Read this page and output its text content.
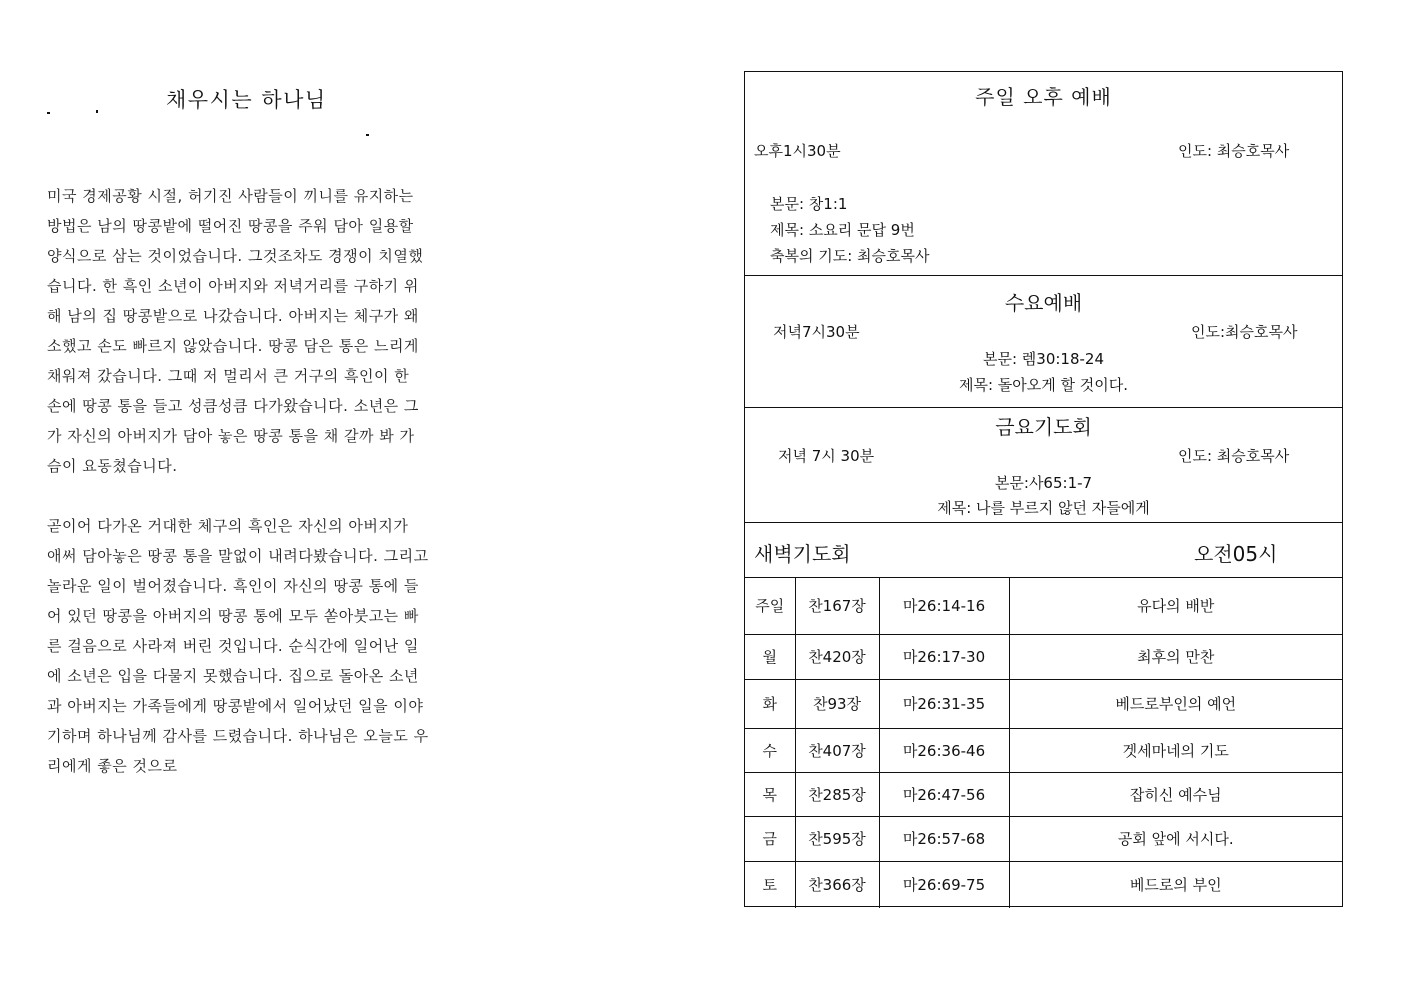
채우시는 하나님

미국 경제공황 시절, 허기진 사람들이 끼니를 유지하는
방법은 남의 땅콩밭에 떨어진 땅콩을 주워 담아 일용할
양식으로 삼는 것이었습니다. 그것조차도 경쟁이 치열했
습니다. 한 흑인 소년이 아버지와 저녁거리를 구하기 위
해 남의 집 땅콩밭으로 나갔습니다. 아버지는 체구가 왜
소했고 손도 빠르지 않았습니다. 땅콩 담은 통은 느리게
채워져 갔습니다. 그때 저 멀리서 큰 거구의 흑인이 한
손에 땅콩 통을 들고 성큼성큼 다가왔습니다. 소년은 그
가 자신의 아버지가 담아 놓은 땅콩 통을 채 갈까 봐 가
슴이 요동쳤습니다.

곧이어 다가온 거대한 체구의 흑인은 자신의 아버지가
애써 담아놓은 땅콩 통을 말없이 내려다봤습니다. 그리고
놀라운 일이 벌어졌습니다. 흑인이 자신의 땅콩 통에 들
어 있던 땅콩을 아버지의 땅콩 통에 모두 쏟아붓고는 빠
른 걸음으로 사라져 버린 것입니다. 순식간에 일어난 일
에 소년은 입을 다물지 못했습니다. 집으로 돌아온 소년
과 아버지는 가족들에게 땅콩밭에서 일어났던 일을 이야
기하며 하나님께 감사를 드렸습니다. 하나님은 오늘도 우
리에게 좋은 것으로

주일 오후 예배
오후1시30분	인도: 최승호목사
본문: 창1:1
제목: 소요리 문답 9번
축복의 기도: 최승호목사
수요예배
저녁7시30분	인도:최승호목사
본문: 렘30:18-24
제목: 돌아오게 할 것이다.
금요기도회
저녁 7시 30분	인도: 최승호목사
본문:사65:1-7
제목: 나를 부르지 않던 자들에게
새벽기도회	오전05시
주일	찬167장	마26:14-16	유다의 배반
월	찬420장	마26:17-30	최후의 만찬
화	찬93장	마26:31-35	베드로부인의 예언
수	찬407장	마26:36-46	겟세마네의 기도
목	찬285장	마26:47-56	잡히신 예수님
금	찬595장	마26:57-68	공회 앞에 서시다.
토	찬366장	마26:69-75	베드로의 부인
